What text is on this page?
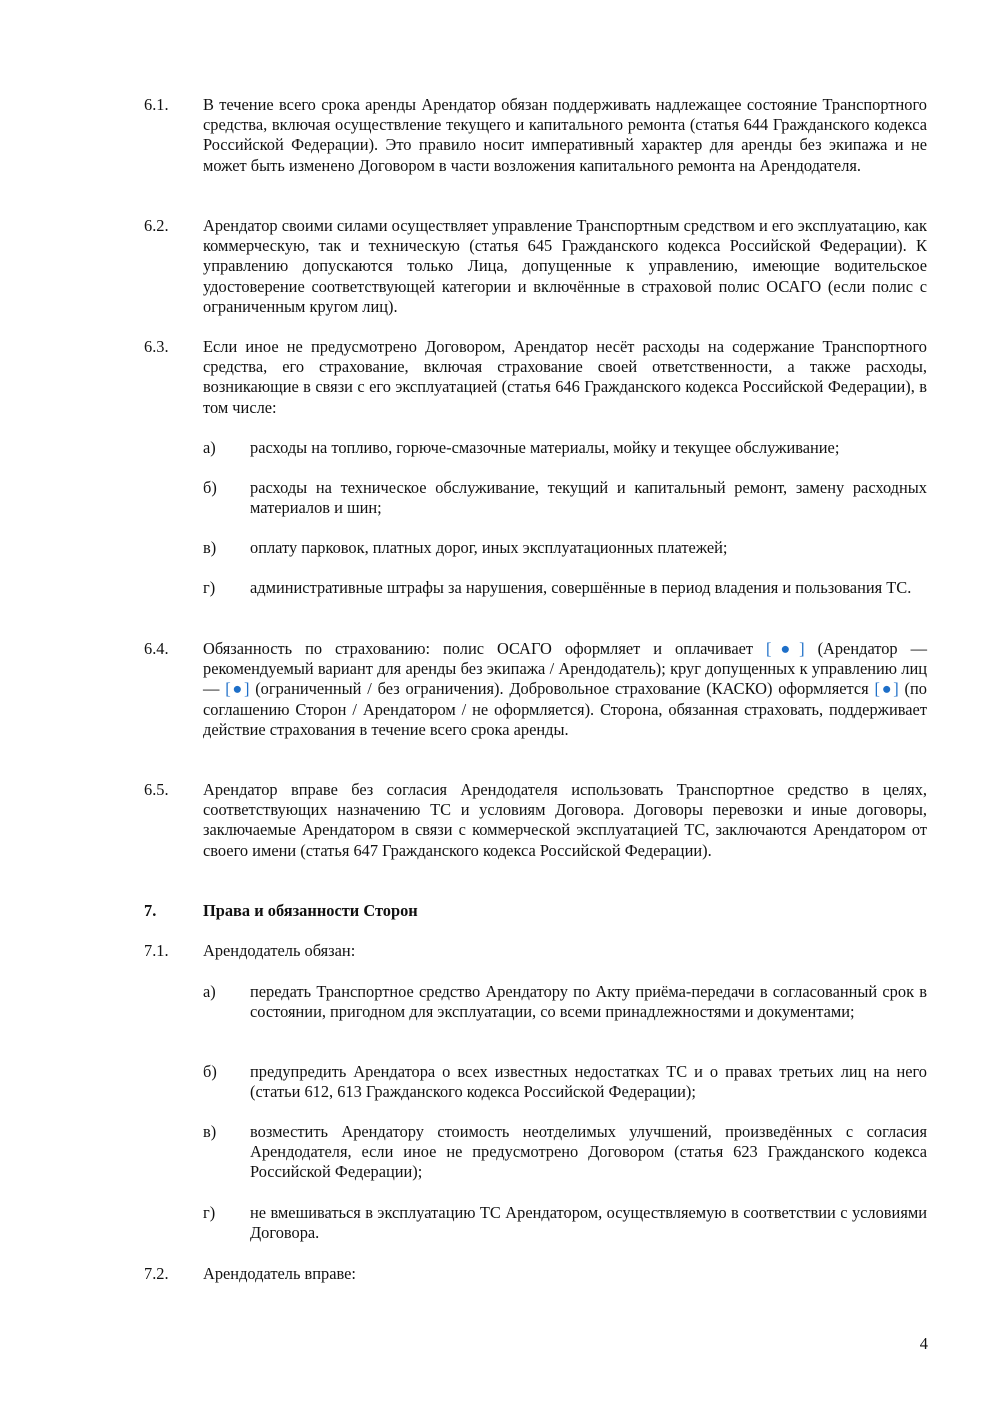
6.1. В течение всего срока аренды Арендатор обязан поддерживать надлежащее состояние Транспортного средства, включая осуществление текущего и капитального ремонта (статья 644 Гражданского кодекса Российской Федерации). Это правило носит императивный характер для аренды без экипажа и не может быть изменено Договором в части возложения капитального ремонта на Арендодателя.
6.2. Арендатор своими силами осуществляет управление Транспортным средством и его эксплуатацию, как коммерческую, так и техническую (статья 645 Гражданского кодекса Российской Федерации). К управлению допускаются только Лица, допущенные к управлению, имеющие водительское удостоверение соответствующей категории и включённые в страховой полис ОСАГО (если полис с ограниченным кругом лиц).
6.3. Если иное не предусмотрено Договором, Арендатор несёт расходы на содержание Транспортного средства, его страхование, включая страхование своей ответственности, а также расходы, возникающие в связи с его эксплуатацией (статья 646 Гражданского кодекса Российской Федерации), в том числе:
а) расходы на топливо, горюче-смазочные материалы, мойку и текущее обслуживание;
б) расходы на техническое обслуживание, текущий и капитальный ремонт, замену расходных материалов и шин;
в) оплату парковок, платных дорог, иных эксплуатационных платежей;
г) административные штрафы за нарушения, совершённые в период владения и пользования ТС.
6.4. Обязанность по страхованию: полис ОСАГО оформляет и оплачивает [●] (Арендатор — рекомендуемый вариант для аренды без экипажа / Арендодатель); круг допущенных к управлению лиц — [●] (ограниченный / без ограничения). Добровольное страхование (КАСКО) оформляется [●] (по соглашению Сторон / Арендатором / не оформляется). Сторона, обязанная страховать, поддерживает действие страхования в течение всего срока аренды.
6.5. Арендатор вправе без согласия Арендодателя использовать Транспортное средство в целях, соответствующих назначению ТС и условиям Договора. Договоры перевозки и иные договоры, заключаемые Арендатором в связи с коммерческой эксплуатацией ТС, заключаются Арендатором от своего имени (статья 647 Гражданского кодекса Российской Федерации).
7.	Права и обязанности Сторон
7.1. Арендодатель обязан:
а) передать Транспортное средство Арендатору по Акту приёма-передачи в согласованный срок в состоянии, пригодном для эксплуатации, со всеми принадлежностями и документами;
б) предупредить Арендатора о всех известных недостатках ТС и о правах третьих лиц на него (статьи 612, 613 Гражданского кодекса Российской Федерации);
в) возместить Арендатору стоимость неотделимых улучшений, произведённых с согласия Арендодателя, если иное не предусмотрено Договором (статья 623 Гражданского кодекса Российской Федерации);
г) не вмешиваться в эксплуатацию ТС Арендатором, осуществляемую в соответствии с условиями Договора.
7.2. Арендодатель вправе:
4
